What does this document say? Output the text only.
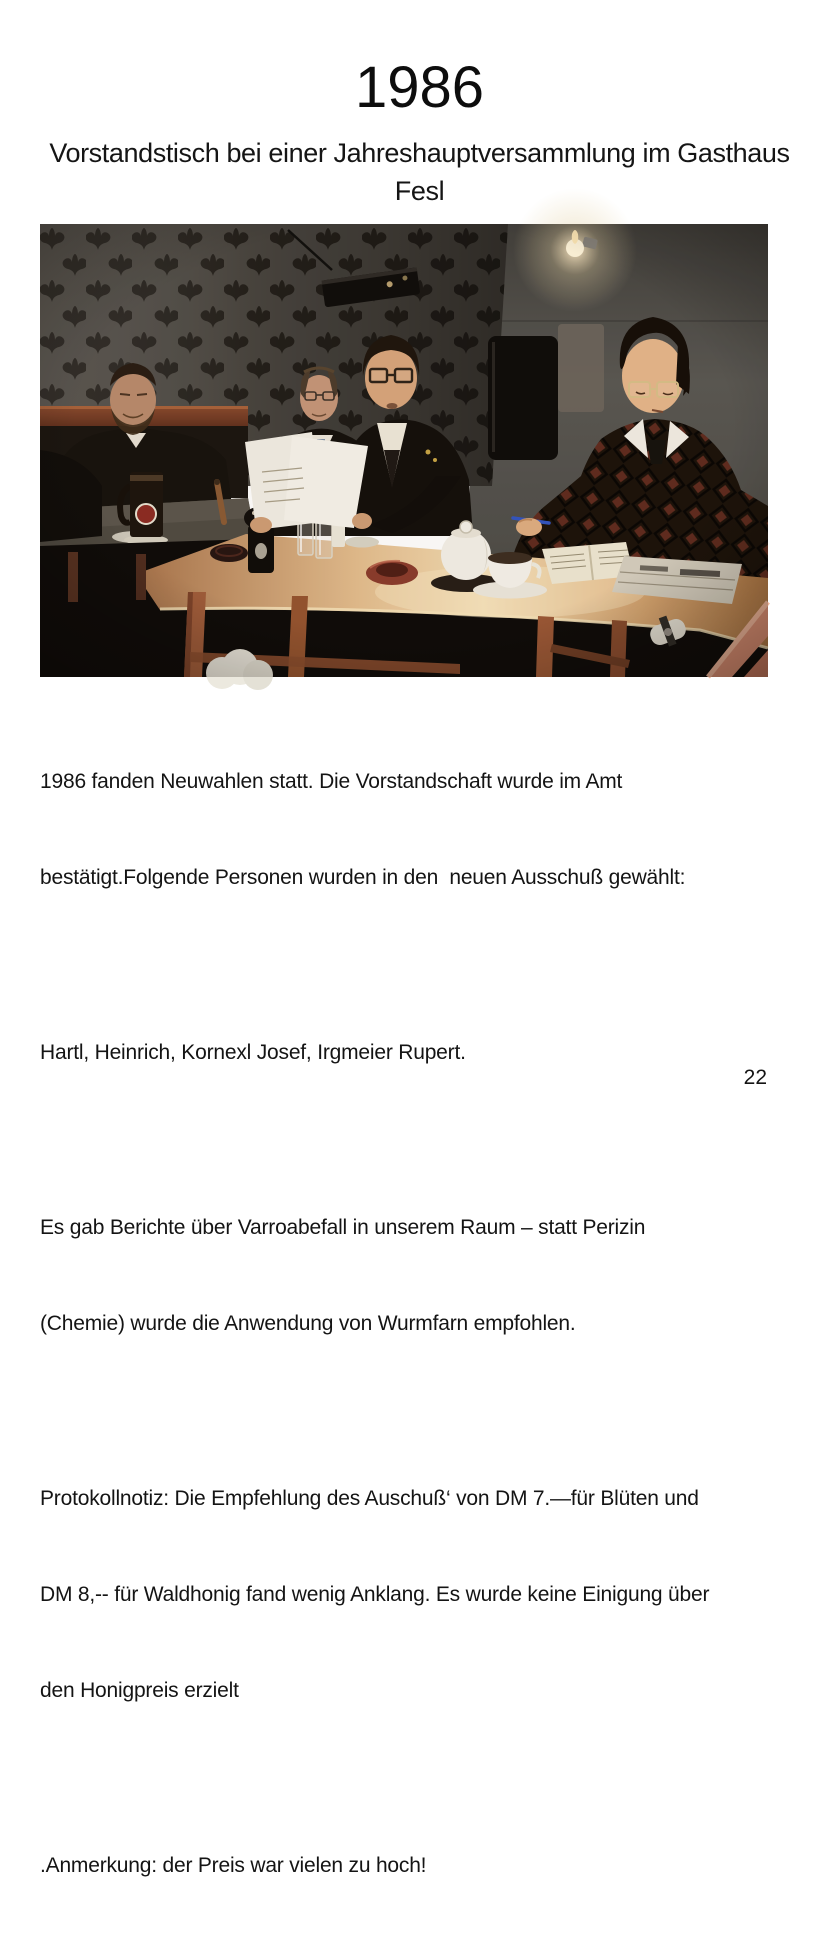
1986
Vorstandstisch bei einer Jahreshauptversammlung im Gasthaus
Fesl

1986 fanden Neuwahlen statt. Die Vorstandschaft wurde im Amt

bestätigt.Folgende Personen wurden in den  neuen Ausschuß gewählt:

Hartl, Heinrich, Kornexl Josef, Irgmeier Rupert.

Es gab Berichte über Varroabefall in unserem Raum – statt Perizin

(Chemie) wurde die Anwendung von Wurmfarn empfohlen.

Protokollnotiz: Die Empfehlung des Auschuß‘ von DM 7.—für Blüten und

DM 8,-- für Waldhonig fand wenig Anklang. Es wurde keine Einigung über

den Honigpreis erzielt

.Anmerkung: der Preis war vielen zu hoch!

22
